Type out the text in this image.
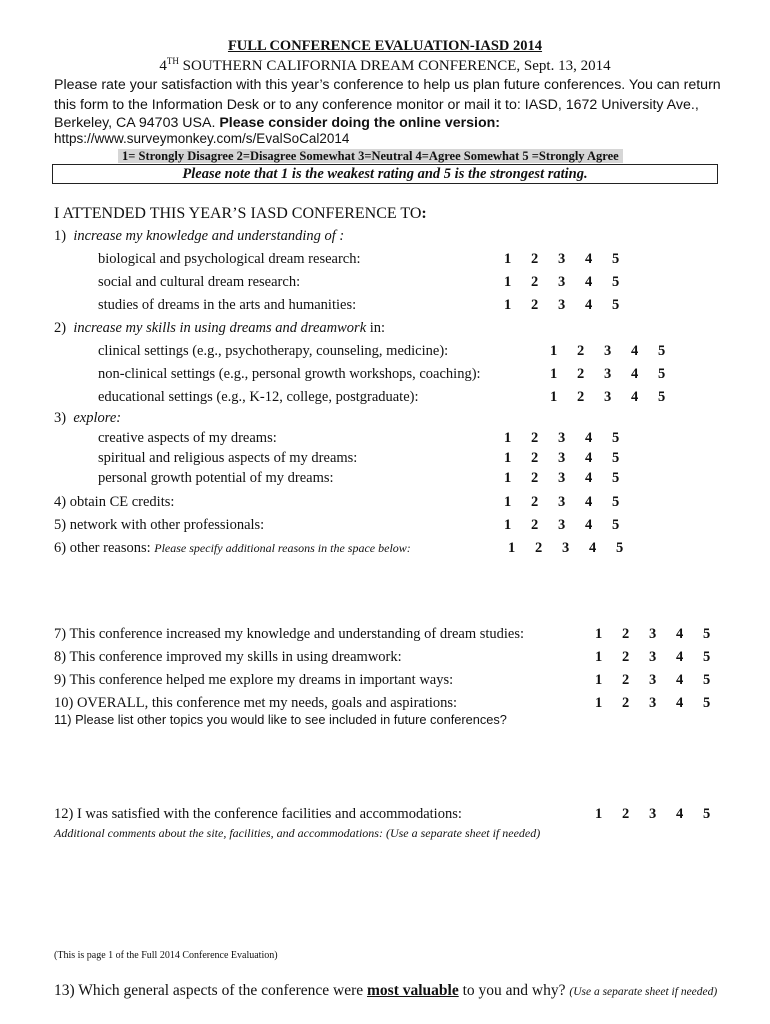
FULL CONFERENCE EVALUATION-IASD 2014
4TH SOUTHERN CALIFORNIA DREAM CONFERENCE, Sept. 13, 2014
Please rate your satisfaction with this year’s conference to help us plan future conferences. You can return
this form to the Information Desk or to any conference monitor or mail it to: IASD, 1672 University Ave.,
Berkeley, CA 94703 USA. Please consider doing the online version:
https://www.surveymonkey.com/s/EvalSoCal2014
1= Strongly Disagree 2=Disagree Somewhat 3=Neutral 4=Agree Somewhat 5 =Strongly Agree
Please note that 1 is the weakest rating and 5 is the strongest rating.
I ATTENDED THIS YEAR’S IASD CONFERENCE TO:
1) increase my knowledge and understanding of :
biological and psychological dream research:	1 2 3 4 5
social and cultural dream research:	1 2 3 4 5
studies of dreams in the arts and humanities:	1 2 3 4 5
2) increase my skills in using dreams and dreamwork in:
clinical settings (e.g., psychotherapy, counseling, medicine):	1 2 3 4 5
non-clinical settings (e.g., personal growth workshops, coaching):	1 2 3 4 5
educational settings (e.g., K-12, college, postgraduate):	1 2 3 4 5
3) explore:
creative aspects of my dreams:	1 2 3 4 5
spiritual and religious aspects of my dreams:	1 2 3 4 5
personal growth potential of my dreams:	1 2 3 4 5
4) obtain CE credits:	1 2 3 4 5
5) network with other professionals:	1 2 3 4 5
6) other reasons: Please specify additional reasons in the space below:	1 2 3 4 5
7) This conference increased my knowledge and understanding of dream studies:	1 2 3 4 5
8) This conference improved my skills in using dreamwork:	1 2 3 4 5
9) This conference helped me explore my dreams in important ways:	1 2 3 4 5
10) OVERALL, this conference met my needs, goals and aspirations:	1 2 3 4 5
11) Please list other topics you would like to see included in future conferences?
12) I was satisfied with the conference facilities and accommodations:	1 2 3 4 5
Additional comments about the site, facilities, and accommodations: (Use a separate sheet if needed)
(This is page 1 of the Full 2014 Conference Evaluation)
13) Which general aspects of the conference were most valuable to you and why? (Use a separate sheet if needed)
